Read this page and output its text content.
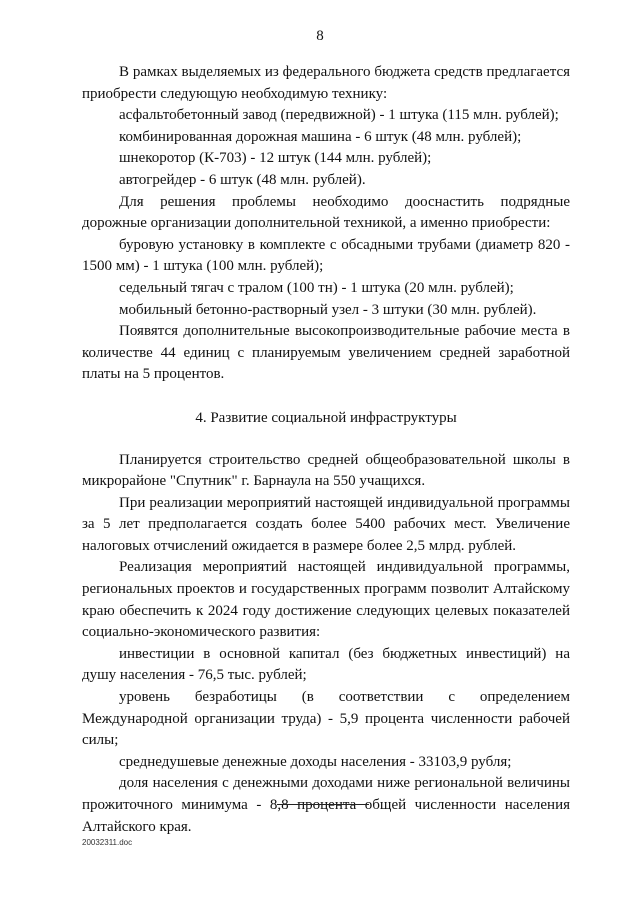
8

В рамках выделяемых из федерального бюджета средств предлагается приобрести следующую необходимую технику:

асфальтобетонный завод (передвижной) - 1 штука (115 млн. рублей);

комбинированная дорожная машина - 6 штук (48 млн. рублей);

шнекоротор (К-703) - 12 штук (144 млн. рублей);

автогрейдер - 6 штук (48 млн. рублей).

Для решения проблемы необходимо дооснастить подрядные дорожные организации дополнительной техникой, а именно приобрести:

буровую установку в комплекте с обсадными трубами (диаметр 820 - 1500 мм) - 1 штука (100 млн. рублей);

седельный тягач с тралом (100 тн) - 1 штука (20 млн. рублей);

мобильный бетонно-растворный узел - 3 штуки (30 млн. рублей).

Появятся дополнительные высокопроизводительные рабочие места в количестве 44 единиц с планируемым увеличением средней заработной платы на 5 процентов.

4. Развитие социальной инфраструктуры

Планируется строительство средней общеобразовательной школы в микрорайоне "Спутник" г. Барнаула на 550 учащихся.

При реализации мероприятий настоящей индивидуальной программы за 5 лет предполагается создать более 5400 рабочих мест. Увеличение налоговых отчислений ожидается в размере более 2,5 млрд. рублей.

Реализация мероприятий настоящей индивидуальной программы, региональных проектов и государственных программ позволит Алтайскому краю обеспечить к 2024 году достижение следующих целевых показателей социально-экономического развития:

инвестиции в основной капитал (без бюджетных инвестиций) на душу населения - 76,5 тыс. рублей;

уровень безработицы (в соответствии с определением Международной организации труда) - 5,9 процента численности рабочей силы;

среднедушевые денежные доходы населения - 33103,9 рубля;

доля населения с денежными доходами ниже региональной величины прожиточного минимума - 8,8 процента общей численности населения Алтайского края.

20032311.doc
